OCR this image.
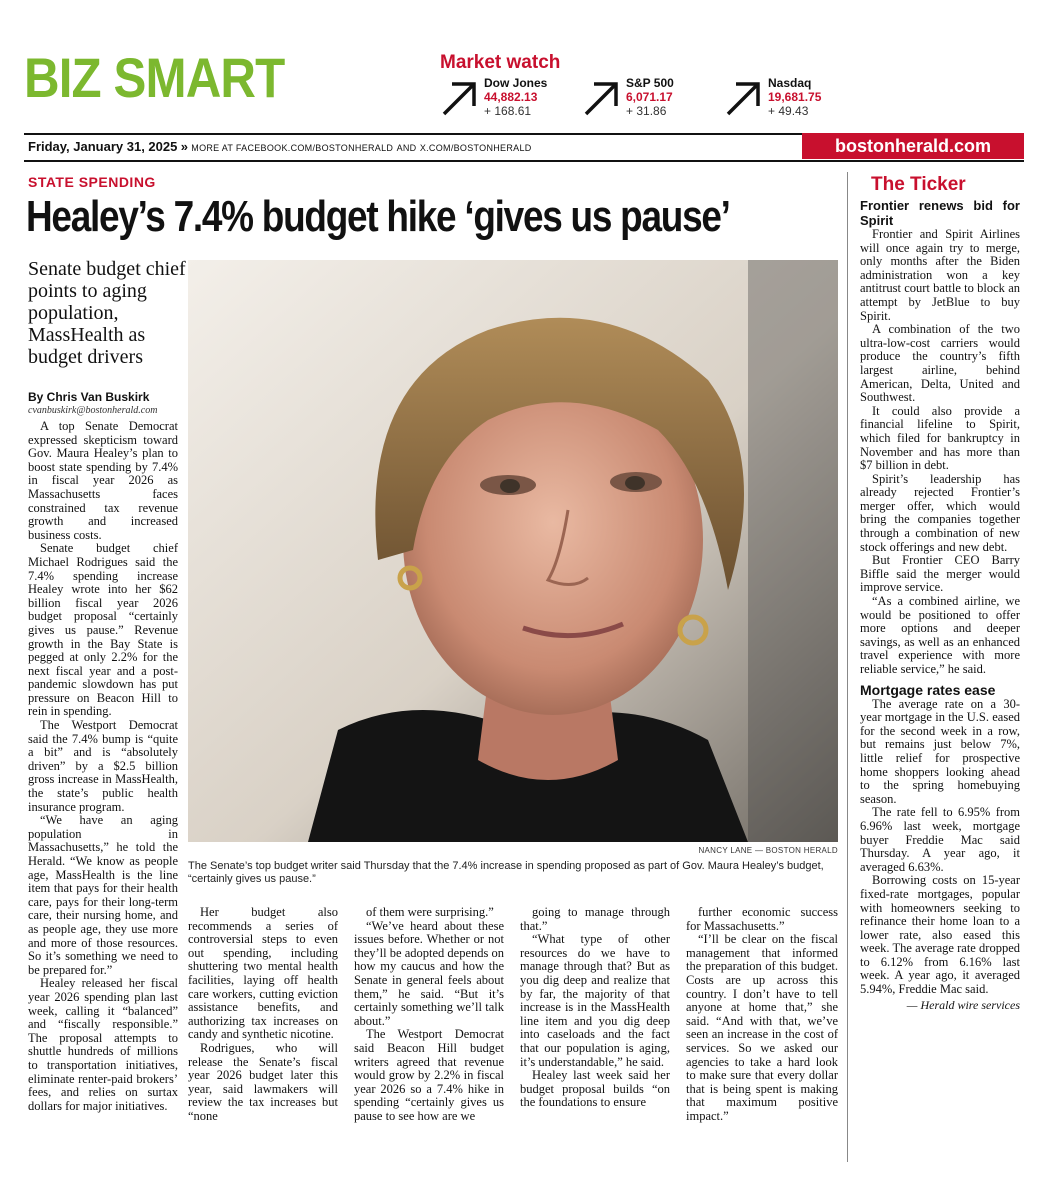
BIZ SMART	Market watch
Dow Jones
44,882.13
+ 168.61
S&P 500
6,071.17
+ 31.86
Nasdaq
19,681.75
+ 49.43
Friday, January 31, 2025 » MORE AT FACEBOOK.COM/BOSTONHERALD AND X.COM/BOSTONHERALD	bostonherald.com
STATE SPENDING
Healey’s 7.4% budget hike ‘gives us pause’
Senate budget chief points to aging population, MassHealth as budget drivers
By Chris Van Buskirk
cvanbuskirk@bostonherald.com
NANCY LANE — BOSTON HERALD
The Senate’s top budget writer said Thursday that the 7.4% increase in spending proposed as part of Gov. Maura Healey’s budget, “certainly gives us pause.”

A top Senate Democrat expressed skepticism toward Gov. Maura Healey’s plan to boost state spending by 7.4% in fiscal year 2026 as Massachusetts faces constrained tax revenue growth and increased business costs.

Senate budget chief Michael Rodrigues said the 7.4% spending increase Healey wrote into her $62 billion fiscal year 2026 budget proposal “certainly gives us pause.” Revenue growth in the Bay State is pegged at only 2.2% for the next fiscal year and a post-pandemic slowdown has put pressure on Beacon Hill to rein in spending.

The Westport Democrat said the 7.4% bump is “quite a bit” and is “absolutely driven” by a $2.5 billion gross increase in MassHealth, the state’s public health insurance program.

“We have an aging population in Massachusetts,” he told the Herald. “We know as people age, MassHealth is the line item that pays for their health care, pays for their long-term care, their nursing home, and as people age, they use more and more of those resources. So it’s something we need to be prepared for.”

Healey released her fiscal year 2026 spending plan last week, calling it “balanced” and “fiscally responsible.” The proposal attempts to shuttle hundreds of millions to transportation initiatives, eliminate renter-paid brokers’ fees, and relies on surtax dollars for major initiatives.

Her budget also recommends a series of controversial steps to even out spending, including shuttering two mental health facilities, laying off health care workers, cutting eviction assistance benefits, and authorizing tax increases on candy and synthetic nicotine.

Rodrigues, who will release the Senate’s fiscal year 2026 budget later this year, said lawmakers will review the tax increases but “none

of them were surprising.”

“We’ve heard about these issues before. Whether or not they’ll be adopted depends on how my caucus and how the Senate in general feels about them,” he said. “But it’s certainly something we’ll talk about.”

The Westport Democrat said Beacon Hill budget writers agreed that revenue would grow by 2.2% in fiscal year 2026 so a 7.4% hike in spending “certainly gives us pause to see how are we

going to manage through that.”

“What type of other resources do we have to manage through that? But as you dig deep and realize that by far, the majority of that increase is in the MassHealth line item and you dig deep into caseloads and the fact that our population is aging, it’s understandable,” he said.

Healey last week said her budget proposal builds “on the foundations to ensure

further economic success for Massachusetts.”

“I’ll be clear on the fiscal management that informed the preparation of this budget. Costs are up across this country. I don’t have to tell anyone at home that,” she said. “And with that, we’ve seen an increase in the cost of services. So we asked our agencies to take a hard look to make sure that every dollar that is being spent is making that maximum positive impact.”

The Ticker
Frontier renews bid for Spirit

Frontier and Spirit Airlines will once again try to merge, only months after the Biden administration won a key antitrust court battle to block an attempt by JetBlue to buy Spirit.

A combination of the two ultra-low-cost carriers would produce the country’s fifth largest airline, behind American, Delta, United and Southwest.

It could also provide a financial lifeline to Spirit, which filed for bankruptcy in November and has more than $7 billion in debt.

Spirit’s leadership has already rejected Frontier’s merger offer, which would bring the companies together through a combination of new stock offerings and new debt.

But Frontier CEO Barry Biffle said the merger would improve service.

“As a combined airline, we would be positioned to offer more options and deeper savings, as well as an enhanced travel experience with more reliable service,” he said.

Mortgage rates ease

The average rate on a 30-year mortgage in the U.S. eased for the second week in a row, but remains just below 7%, little relief for prospective home shoppers looking ahead to the spring homebuying season.

The rate fell to 6.95% from 6.96% last week, mortgage buyer Freddie Mac said Thursday. A year ago, it averaged 6.63%.

Borrowing costs on 15-year fixed-rate mortgages, popular with homeowners seeking to refinance their home loan to a lower rate, also eased this week. The average rate dropped to 6.12% from 6.16% last week. A year ago, it averaged 5.94%, Freddie Mac said.

— Herald wire services
